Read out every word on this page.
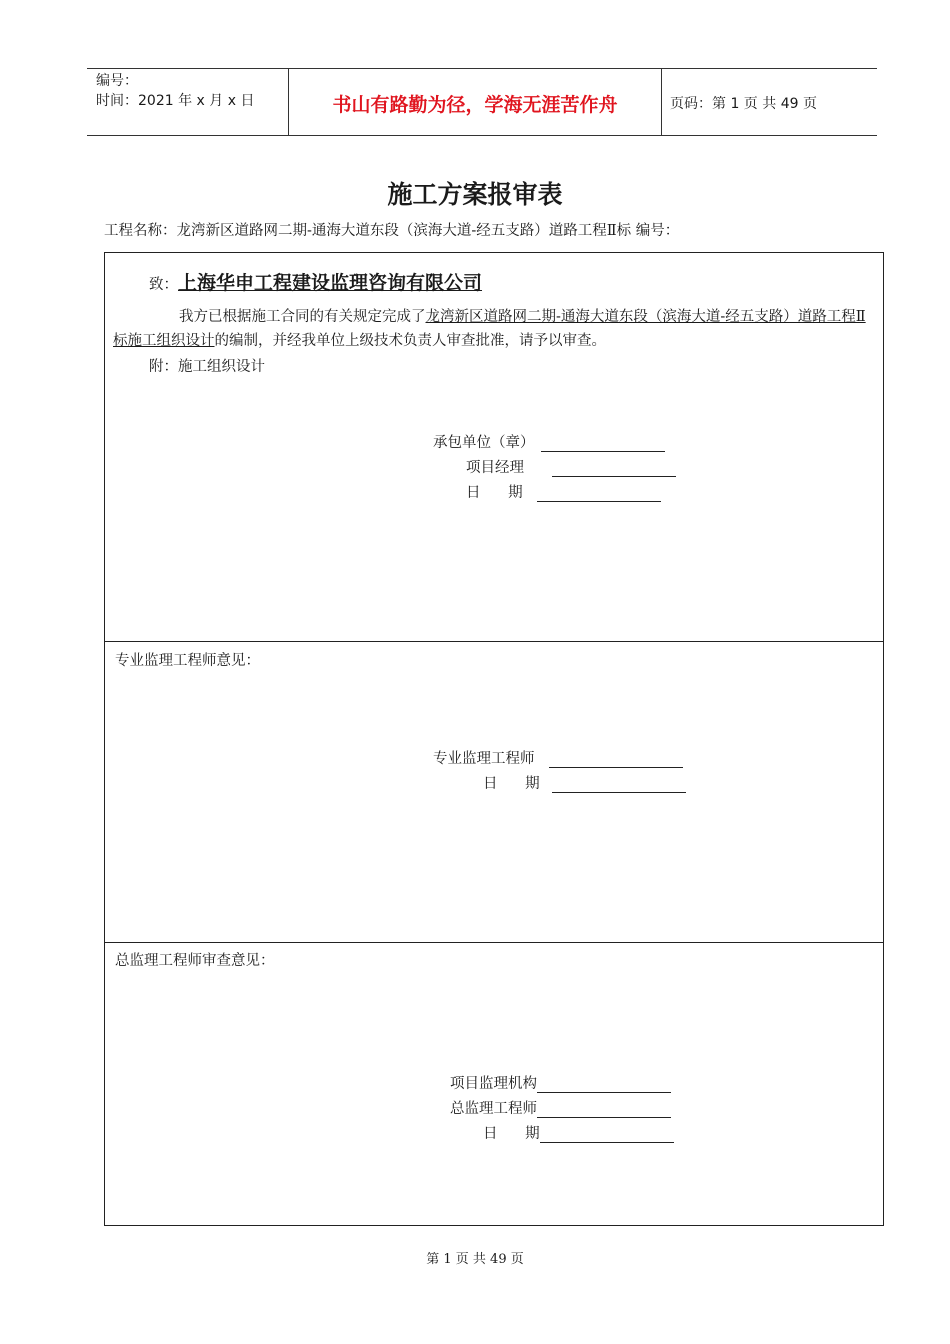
编号：
时间：2021 年 x 月 x 日	书山有路勤为径，学海无涯苦作舟	页码：第 1 页 共 49 页
施工方案报审表
工程名称：龙湾新区道路网二期-通海大道东段（滨海大道-经五支路）道路工程Ⅱ标 编号：
致：上海华申工程建设监理咨询有限公司
我方已根据施工合同的有关规定完成了龙湾新区道路网二期-通海大道东段（滨海大道-经五支路）道路工程Ⅱ标施工组织设计的编制，并经我单位上级技术负责人审查批准，请予以审查。
附：施工组织设计
承包单位（章）
项目经理
日      期
专业监理工程师意见：
专业监理工程师
日      期
总监理工程师审查意见：
项目监理机构
总监理工程师
日      期
第 1 页 共 49 页
